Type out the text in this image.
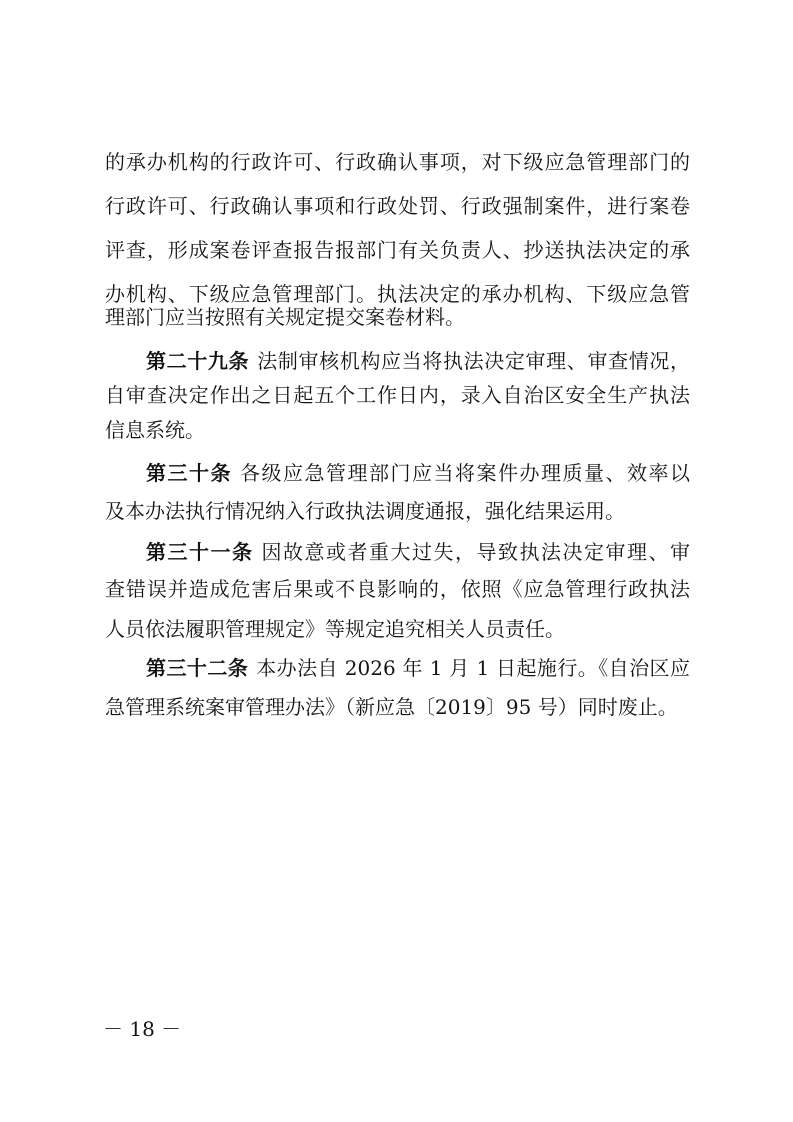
的承办机构的行政许可、行政确认事项，对下级应急管理部门的
行政许可、行政确认事项和行政处罚、行政强制案件，进行案卷
评查，形成案卷评查报告报部门有关负责人、抄送执法决定的承
办机构、下级应急管理部门。执法决定的承办机构、下级应急管
理部门应当按照有关规定提交案卷材料。
第二十九条 法制审核机构应当将执法决定审理、审查情况，
自审查决定作出之日起五个工作日内，录入自治区安全生产执法
信息系统。
第三十条 各级应急管理部门应当将案件办理质量、效率以
及本办法执行情况纳入行政执法调度通报，强化结果运用。
第三十一条 因故意或者重大过失，导致执法决定审理、审
查错误并造成危害后果或不良影响的，依照《应急管理行政执法
人员依法履职管理规定》等规定追究相关人员责任。
第三十二条 本办法自 2026 年 1 月 1 日起施行。《自治区应
急管理系统案审管理办法》（新应急〔2019〕95 号）同时废止。
－ 18 －
